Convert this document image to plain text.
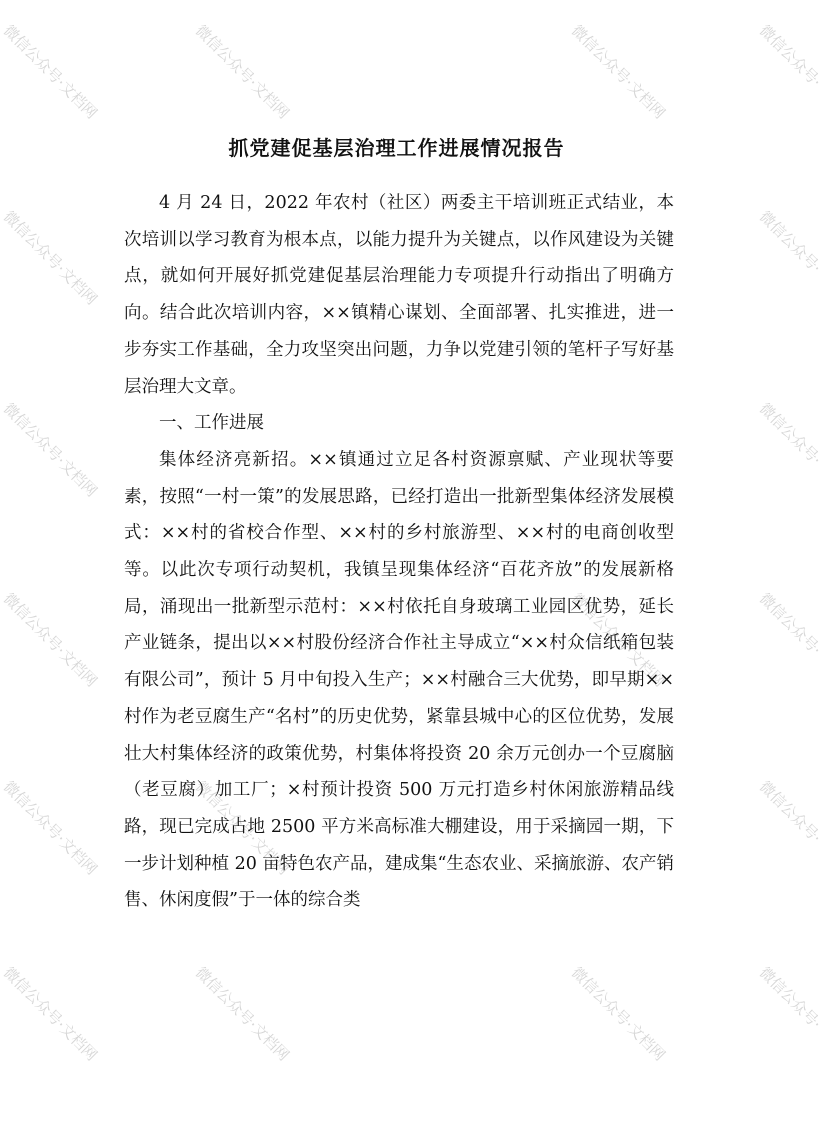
微信公众号·文档网	微信公众号·文档网	微信公众号·文档网	微信公众号·
微信公众号·文档网	微信公众号·
微信公众号·文档网	微信公众号·
微信公众号·文档网	微信公众号·文档网	微信公众号·
微信公众号·文档网	微信公众号·文档网	微信公众号·
微信公众号·文档网	微信公众号·文档网	微信公众号·文档网	微信公众号·
抓党建促基层治理工作进展情况报告

4 月 24 日，2022 年农村（社区）两委主干培训班正式结业，本次培训以学习教育为根本点，以能力提升为关键点，以作风建设为关键点，就如何开展好抓党建促基层治理能力专项提升行动指出了明确方向。结合此次培训内容，××镇精心谋划、全面部署、扎实推进，进一步夯实工作基础，全力攻坚突出问题，力争以党建引领的笔杆子写好基层治理大文章。

一、工作进展

集体经济亮新招。××镇通过立足各村资源禀赋、产业现状等要素，按照“一村一策”的发展思路，已经打造出一批新型集体经济发展模式：××村的省校合作型、××村的乡村旅游型、××村的电商创收型等。以此次专项行动契机，我镇呈现集体经济“百花齐放”的发展新格局，涌现出一批新型示范村：××村依托自身玻璃工业园区优势，延长产业链条，提出以××村股份经济合作社主导成立“××村众信纸箱包装有限公司”，预计 5 月中旬投入生产；××村融合三大优势，即早期××村作为老豆腐生产“名村”的历史优势，紧靠县城中心的区位优势，发展壮大村集体经济的政策优势，村集体将投资 20 余万元创办一个豆腐脑（老豆腐）加工厂；×村预计投资 500 万元打造乡村休闲旅游精品线路，现已完成占地 2500 平方米高标准大棚建设，用于采摘园一期，下一步计划种植 20 亩特色农产品，建成集“生态农业、采摘旅游、农产销售、休闲度假”于一体的综合类
